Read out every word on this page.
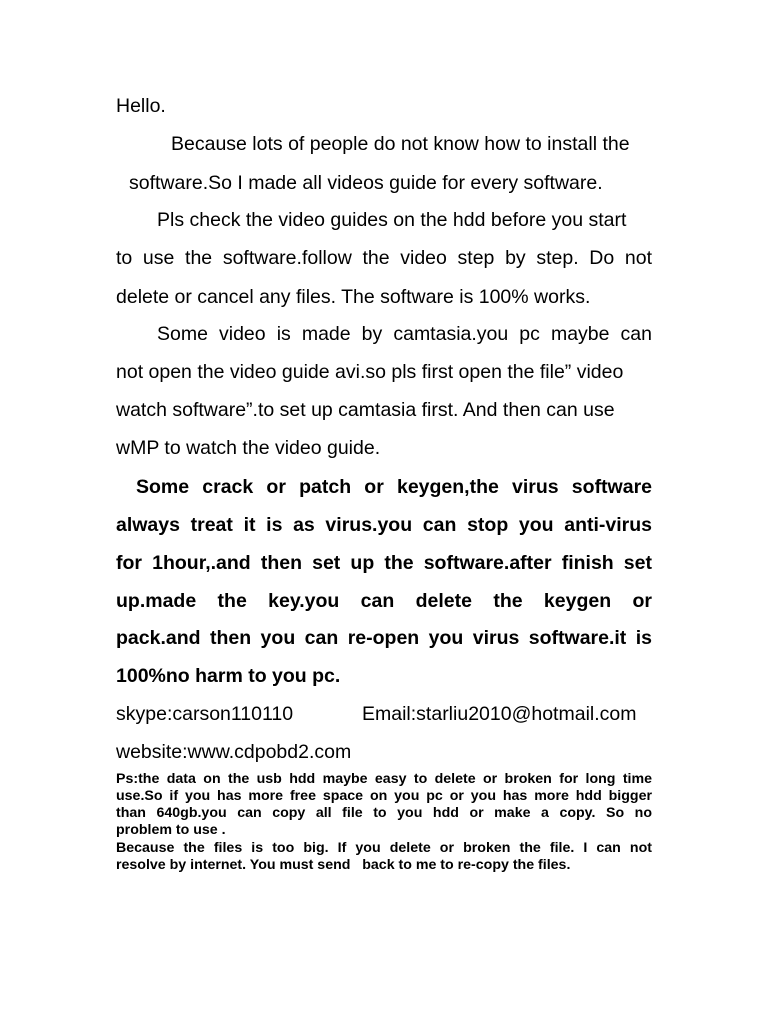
Hello.
Because lots of people do not know how to install the
software.So I made all videos guide for every software.
Pls check the video guides on the hdd before you start
to use the software.follow the video step by step. Do not
delete or cancel any files. The software is 100% works.
Some video is made by camtasia.you pc maybe can
not open the video guide avi.so pls first open the file” video
watch software”.to set up camtasia first. And then can use
wMP to watch the video guide.
Some crack or patch or keygen,the virus software
always treat it is as virus.you can stop you anti-virus
for 1hour,.and then set up the software.after finish set
up.made the key.you can delete the keygen or
pack.and then you can re-open you virus software.it is
100%no harm to you pc.
skype:carson110110	Email:starliu2010@hotmail.com
website:www.cdpobd2.com
Ps:the data on the usb hdd maybe easy to delete or broken for long time
use.So if you has more free space on you pc or you has more hdd bigger
than 640gb.you can copy all file to you hdd or make a copy. So no
problem to use .
Because the files is too big. If you delete or broken the file. I can not
resolve by internet. You must send   back to me to re-copy the files.
